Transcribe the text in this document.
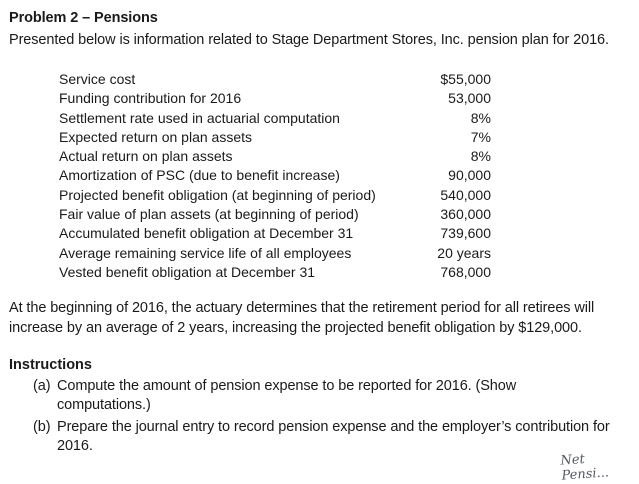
Problem 2 – Pensions
Presented below is information related to Stage Department Stores, Inc. pension plan for 2016.
Service cost	$55,000
Funding contribution for 2016	53,000
Settlement rate used in actuarial computation	8%
Expected return on plan assets	7%
Actual return on plan assets	8%
Amortization of PSC (due to benefit increase)	90,000
Projected benefit obligation (at beginning of period)	540,000
Fair value of plan assets (at beginning of period)	360,000
Accumulated benefit obligation at December 31	739,600
Average remaining service life of all employees	20 years
Vested benefit obligation at December 31	768,000
At the beginning of 2016, the actuary determines that the retirement period for all retirees will increase by an average of 2 years, increasing the projected benefit obligation by $129,000.
Instructions
(a) Compute the amount of pension expense to be reported for 2016. (Show computations.)
(b) Prepare the journal entry to record pension expense and the employer’s contribution for 2016.
Net
Pensi...
